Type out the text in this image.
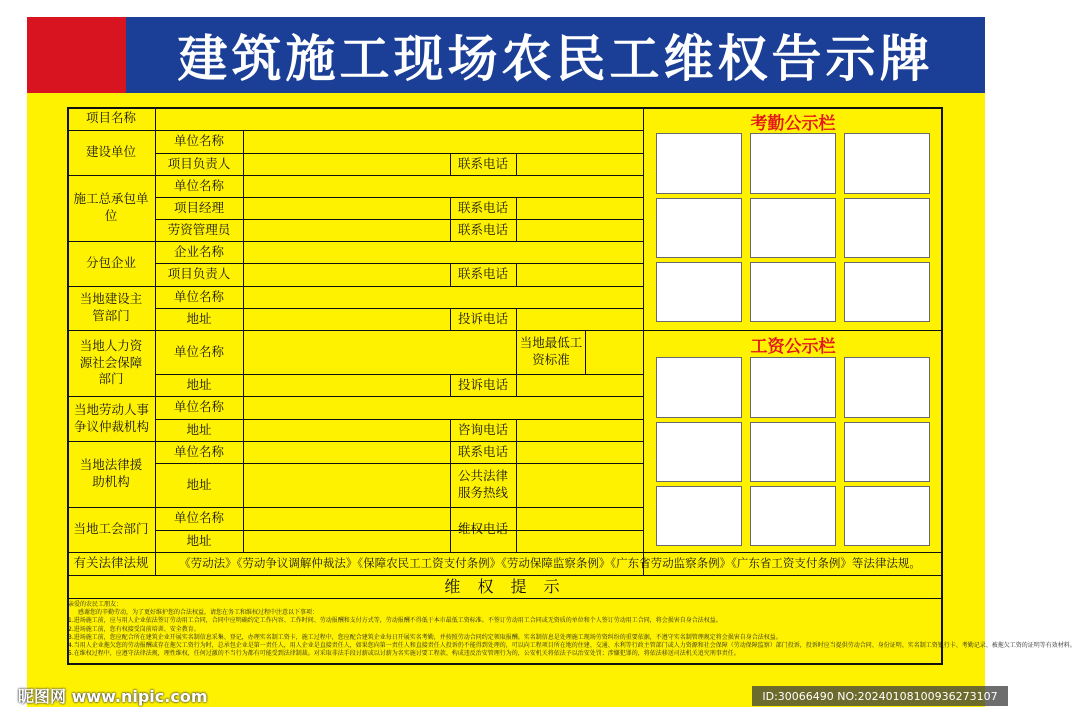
建筑施工现场农民工维权告示牌
项目名称
建设单位
施工总承包单位
分包企业
当地建设主管部门
当地人力资源社会保障部门
当地劳动人事争议仲裁机构
当地法律援助机构
当地工会部门
有关法律法规
单位名称
项目负责人
单位名称
项目经理
劳资管理员
企业名称
项目负责人
单位名称
地址
单位名称
地址
单位名称
地址
单位名称
地址
单位名称
地址
联系电话
联系电话
联系电话
联系电话
投诉电话
当地最低工资标准
投诉电话
咨询电话
联系电话
公共法律服务热线
维权电话
《劳动法》《劳动争议调解仲裁法》《保障农民工工资支付条例》《劳动保障监察条例》《广东省劳动监察条例》《广东省工资支付条例》等法律法规。
维 权 提 示
考勤公示栏
工资公示栏
亲爱的农民工朋友：
感谢您的辛勤劳动，为了更好维护您的合法权益，请您在务工和维权过程中注意以下事项：
1.进场施工前，应与用人企业依法签订劳动用工合同，合同中应明确约定工作内容、工作时间、劳动报酬和支付方式等，劳动报酬不得低于本市最低工资标准。不签订劳动用工合同或无资质的单位和个人签订劳动用工合同，将会损害自身合法权益。
2.进场施工前，您有权接受岗前培训、安全教育。
3.进场施工前，您应配合所在建筑企业开展实名制信息采集、登记，办理实名制工资卡，施工过程中，您应配合建筑企业每日开展实名考勤，并按照劳动合同约定领取报酬。实名制信息是处理施工现场劳资纠纷的重要依据，不遵守实名制管理规定将会损害自身合法权益。
4.当用人企业拖欠您的劳动报酬或存在拖欠工资行为时，总承包企业是第一责任人，用人企业是直接责任人，如果您向第一责任人和直接责任人投诉仍不能得到处理的，可以向工程项目所在地的住建、交通、水利等行政主管部门或人力资源和社会保障（劳动保障监察）部门投诉，投诉时应当提供劳动合同、身份证明、实名制工资银行卡、考勤记录、被拖欠工资的证明等有效材料。
5.在维权过程中，应遵守法律法规，理性维权，任何过激的不当行为都有可能受到法律制裁。对采取非法手段讨薪或以讨薪为名实施讨要工程款、构成违反治安管理行为的，公安机关将依法予以治安处罚；涉嫌犯罪的，将依法移送司法机关追究刑事责任。
昵图网 www.nipic.com	ID:30066490 NO:20240108100936273107
